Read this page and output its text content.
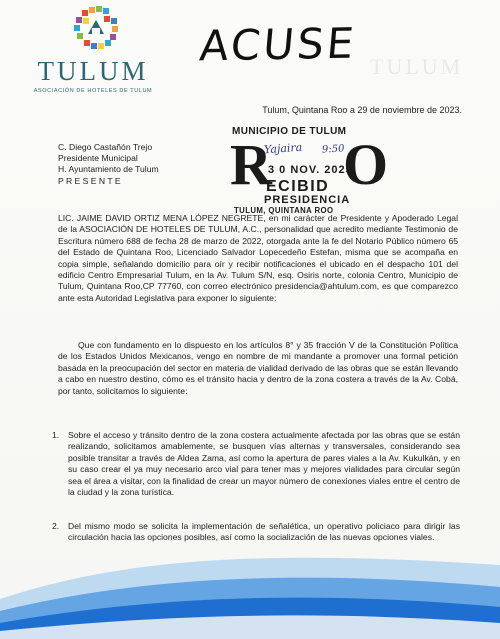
TULUM
ASOCIACIÓN DE HOTELES DE TULUM
TULUM
ACUSE
Tulum, Quintana Roo a 29 de noviembre de 2023.
C. Diego Castañón Trejo
Presidente Municipal
H. Ayuntamiento de Tulum
P R E S E N T E
MUNICIPIO DE TULUM
R O
Yajaira 9:50
3 0 NOV. 2023
ECIBID
PRESIDENCIA
TULUM, QUINTANA ROO
LIC. JAIME DAVID ORTIZ MENA LÓPEZ NEGRETE, en mi carácter de Presidente y Apoderado Legal de la ASOCIACIÓN DE HOTELES DE TULUM, A.C., personalidad que acredito mediante Testimonio de Escritura número 688 de fecha 28 de marzo de 2022, otorgada ante la fe del Notario Público número 65 del Estado de Quintana Roo, Licenciado Salvador Lopecedeño Estefan, misma que se acompaña en copia simple, señalando domicilio para oír y recibir notificaciones el ubicado en el despacho 101 del edificio Centro Empresarial Tulum, en la Av. Tulum S/N, esq. Osiris norte, colonia Centro, Municipio de Tulum, Quintana Roo,CP 77760, con correo electrónico presidencia@ahtulum.com, es que comparezco ante esta Autoridad Legislativa para exponer lo siguiente:
Que con fundamento en lo dispuesto en los artículos 8° y 35 fracción V de la Constitución Política de los Estados Unidos Mexicanos, vengo en nombre de mi mandante a promover una formal petición basada en la preocupación del sector en materia de vialidad derivado de las obras que se están llevando a cabo en nuestro destino, cómo es el tránsito hacia y dentro de la zona costera a través de la Av. Cobá, por tanto, solicitamos lo siguiente:
1. Sobre el acceso y tránsito dentro de la zona costera actualmente afectada por las obras que se están realizando, solicitamos amablemente, se busquen vías alternas y transversales, considerando sea posible transitar a través de Aldea Zama, así como la apertura de pares viales a la Av. Kukulkán, y en su caso crear el ya muy necesario arco vial para tener mas y mejores vialidades para circular según sea el área a visitar, con la finalidad de crear un mayor número de conexiones viales entre el centro de la ciudad y la zona turística.
2. Del mismo modo se solicita la implementación de señalética, un operativo policiaco para dirigir las circulación hacia las opciones posibles, así como la socialización de las nuevas opciones viales.
